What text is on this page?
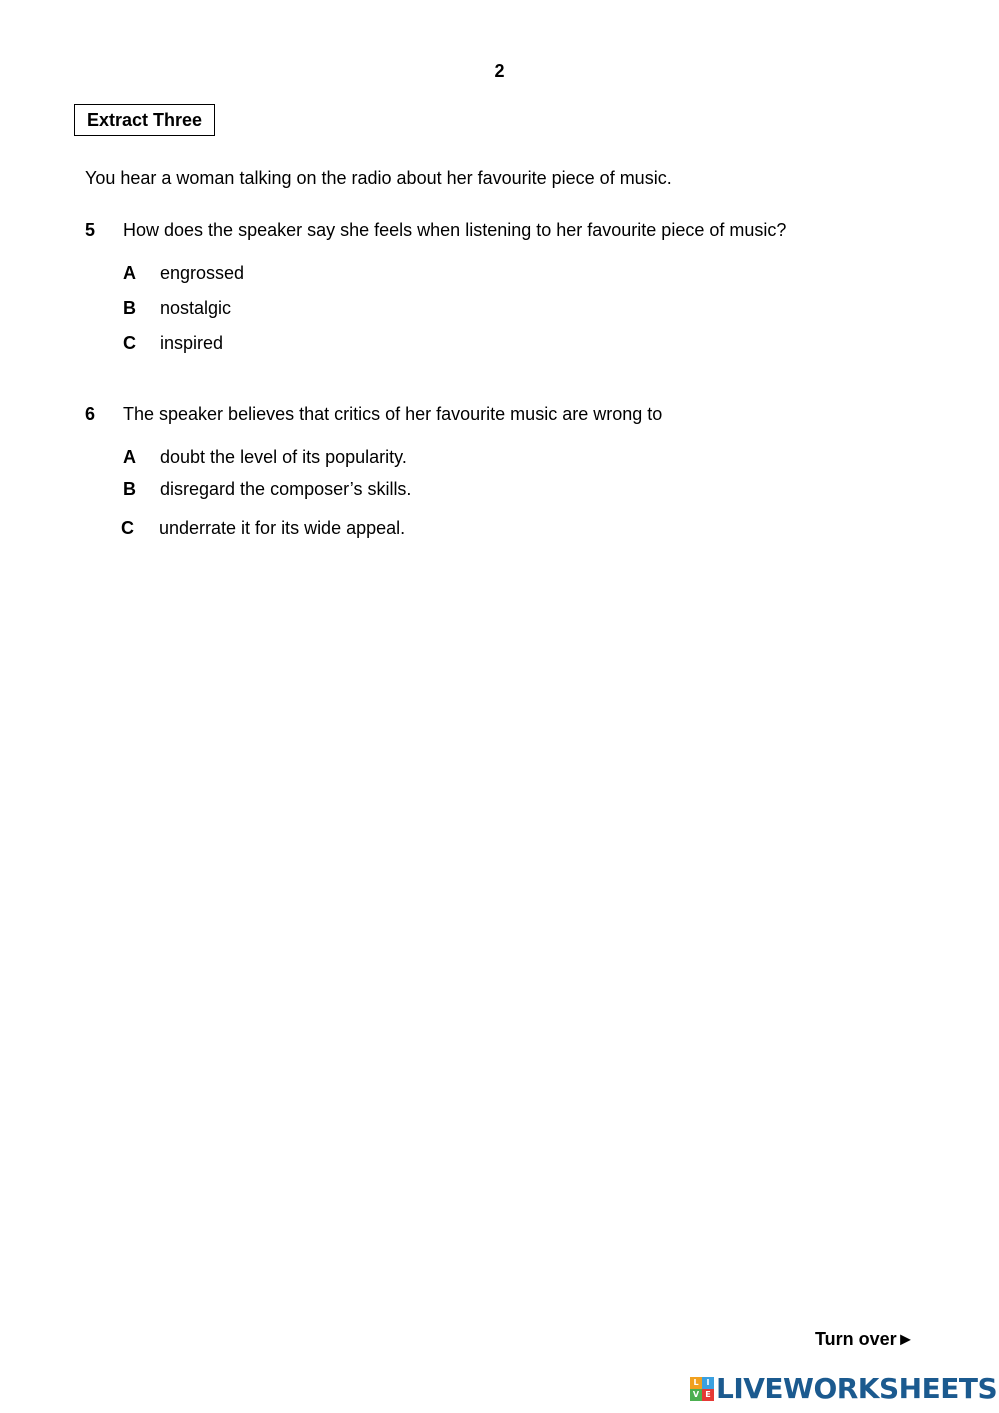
2
Extract Three
You hear a woman talking on the radio about her favourite piece of music.
5 How does the speaker say she feels when listening to her favourite piece of music?
A engrossed
B nostalgic
C inspired
6 The speaker believes that critics of her favourite music are wrong to
A doubt the level of its popularity.
B disregard the composer’s skills.
C underrate it for its wide appeal.
Turn over►
L I
V E LIVEWORKSHEETS
